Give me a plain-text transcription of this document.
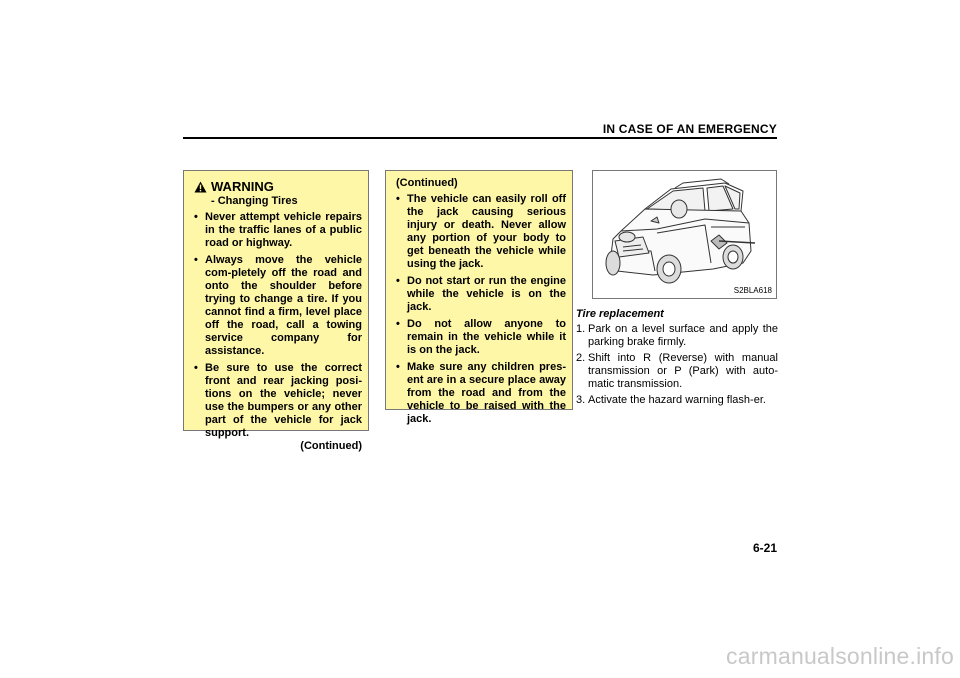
IN CASE OF AN EMERGENCY
WARNING
- Changing Tires
• Never attempt vehicle repairs in the traffic lanes of a public road or highway.
• Always move the vehicle com-pletely off the road and onto the shoulder before trying to change a tire. If you cannot find a firm, level place off the road, call a towing service company for assistance.
• Be sure to use the correct front and rear jacking posi-tions on the vehicle; never use the bumpers or any other part of the vehicle for jack support.
(Continued)
(Continued)
• The vehicle can easily roll off the jack causing serious injury or death. Never allow any portion of your body to get beneath the vehicle while using the jack.
• Do not start or run the engine while the vehicle is on the jack.
• Do not allow anyone to remain in the vehicle while it is on the jack.
• Make sure any children pres-ent are in a secure place away from the road and from the vehicle to be raised with the jack.
S2BLA618
Tire replacement
1. Park on a level surface and apply the parking brake firmly.
2. Shift into R (Reverse) with manual transmission or P (Park) with auto-matic transmission.
3. Activate the hazard warning flash-er.
6-21
carmanualsonline.info
